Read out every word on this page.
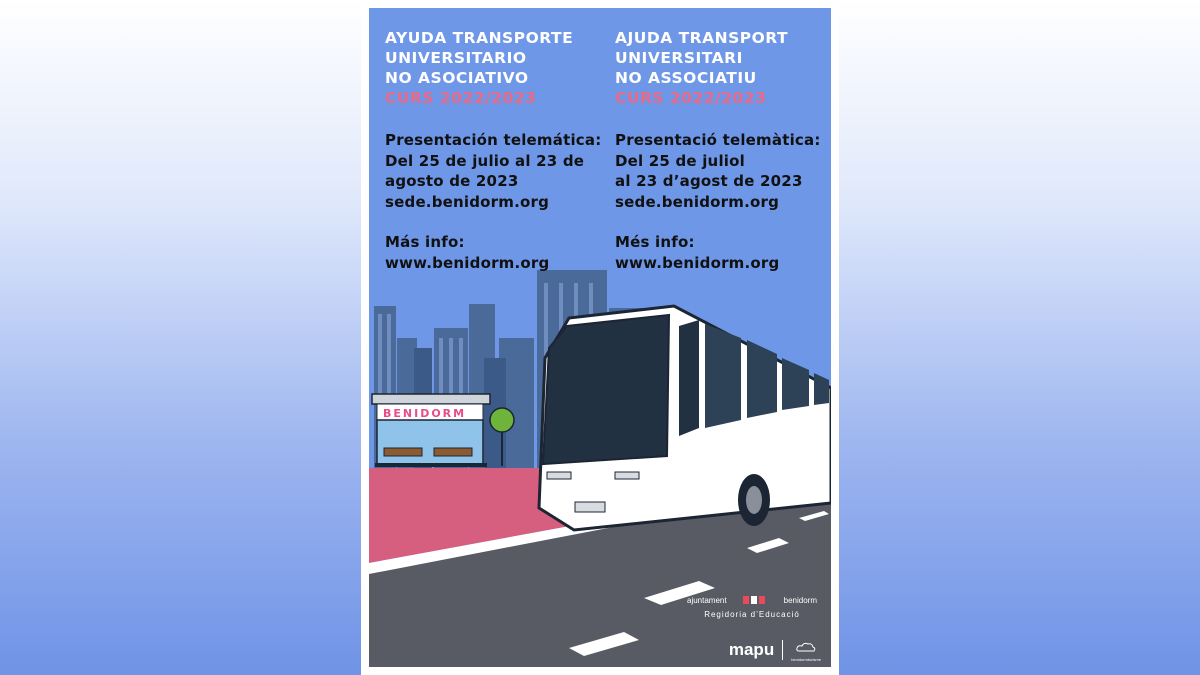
BENIDORM

AYUDA TRANSPORTE

UNIVERSITARIO

NO ASOCIATIVO

CURS 2022/2023

Presentación telemática:

Del 25 de julio al 23 de

agosto de 2023

sede.benidorm.org

Más info:

www.benidorm.org

AJUDA TRANSPORT

UNIVERSITARI

NO ASSOCIATIU

CURS 2022/2023

Presentació telemàtica:

Del 25 de juliol

al 23 d’agost de 2023

sede.benidorm.org

Més info:

www.benidorm.org

ajuntament	benidorm
Regidoria d’Educació
mapu
benidormturisme
